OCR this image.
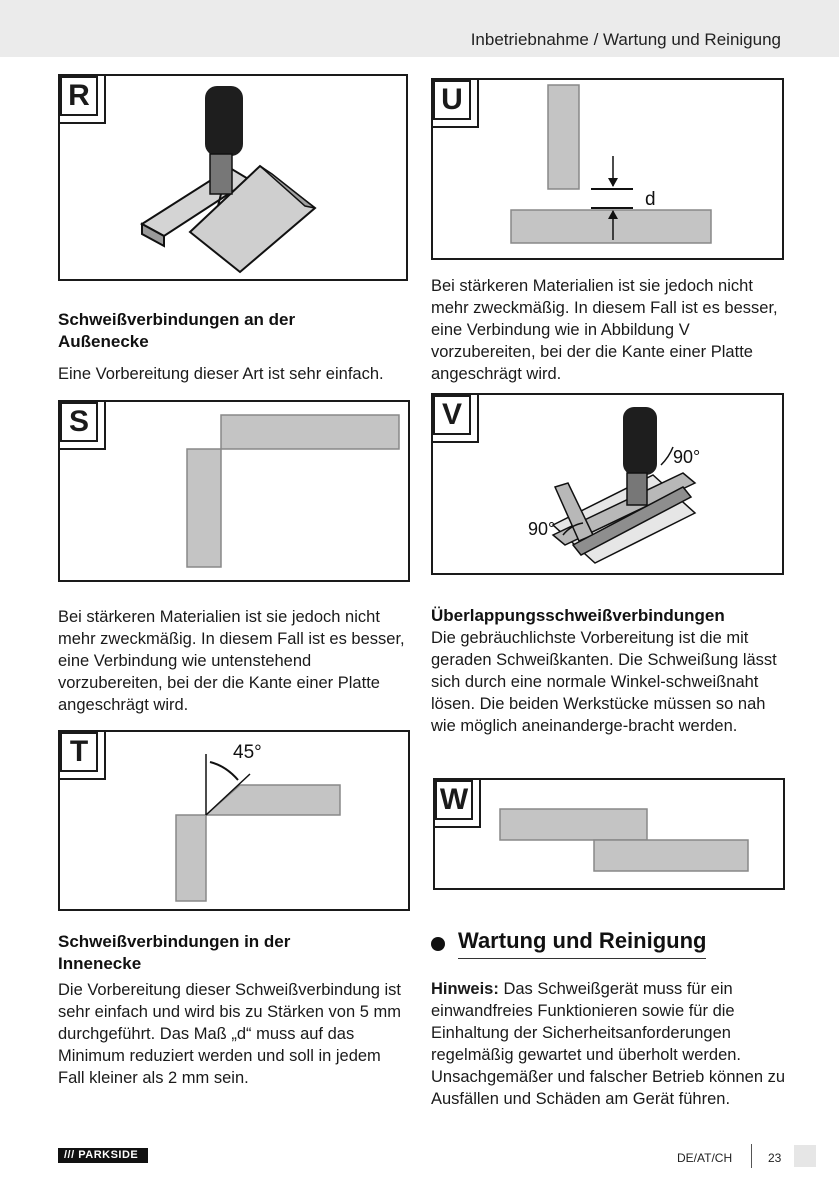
Inbetriebnahme / Wartung und Reinigung
R
Schweißverbindungen an der Außenecke
Eine Vorbereitung dieser Art ist sehr einfach.
S
Bei stärkeren Materialien ist sie jedoch nicht mehr zweckmäßig. In diesem Fall ist es besser, eine Verbindung wie untenstehend vorzubereiten, bei der die Kante einer Platte angeschrägt wird.
T	45°
Schweißverbindungen in der Innenecke
Die Vorbereitung dieser Schweißverbindung ist sehr einfach und wird bis zu Stärken von 5 mm durchgeführt. Das Maß „d“ muss auf das Minimum reduziert werden und soll in jedem Fall kleiner als 2 mm sein.
U
d
Bei stärkeren Materialien ist sie jedoch nicht mehr zweckmäßig. In diesem Fall ist es besser, eine Verbindung wie in Abbildung V vorzubereiten, bei der die Kante einer Platte angeschrägt wird.
V
90°
90°
Überlappungsschweißverbindungen
Die gebräuchlichste Vorbereitung ist die mit geraden Schweißkanten. Die Schweißung lässt sich durch eine normale Winkel-schweißnaht lösen. Die beiden Werkstücke müssen so nah wie möglich aneinanderge-bracht werden.
W
Wartung und Reinigung
Hinweis: Das Schweißgerät muss für ein einwandfreies Funktionieren sowie für die Einhaltung der Sicherheitsanforderungen regelmäßig gewartet und überholt werden. Unsachgemäßer und falscher Betrieb können zu Ausfällen und Schäden am Gerät führen.
/// PARKSIDE	DE/AT/CH	23
